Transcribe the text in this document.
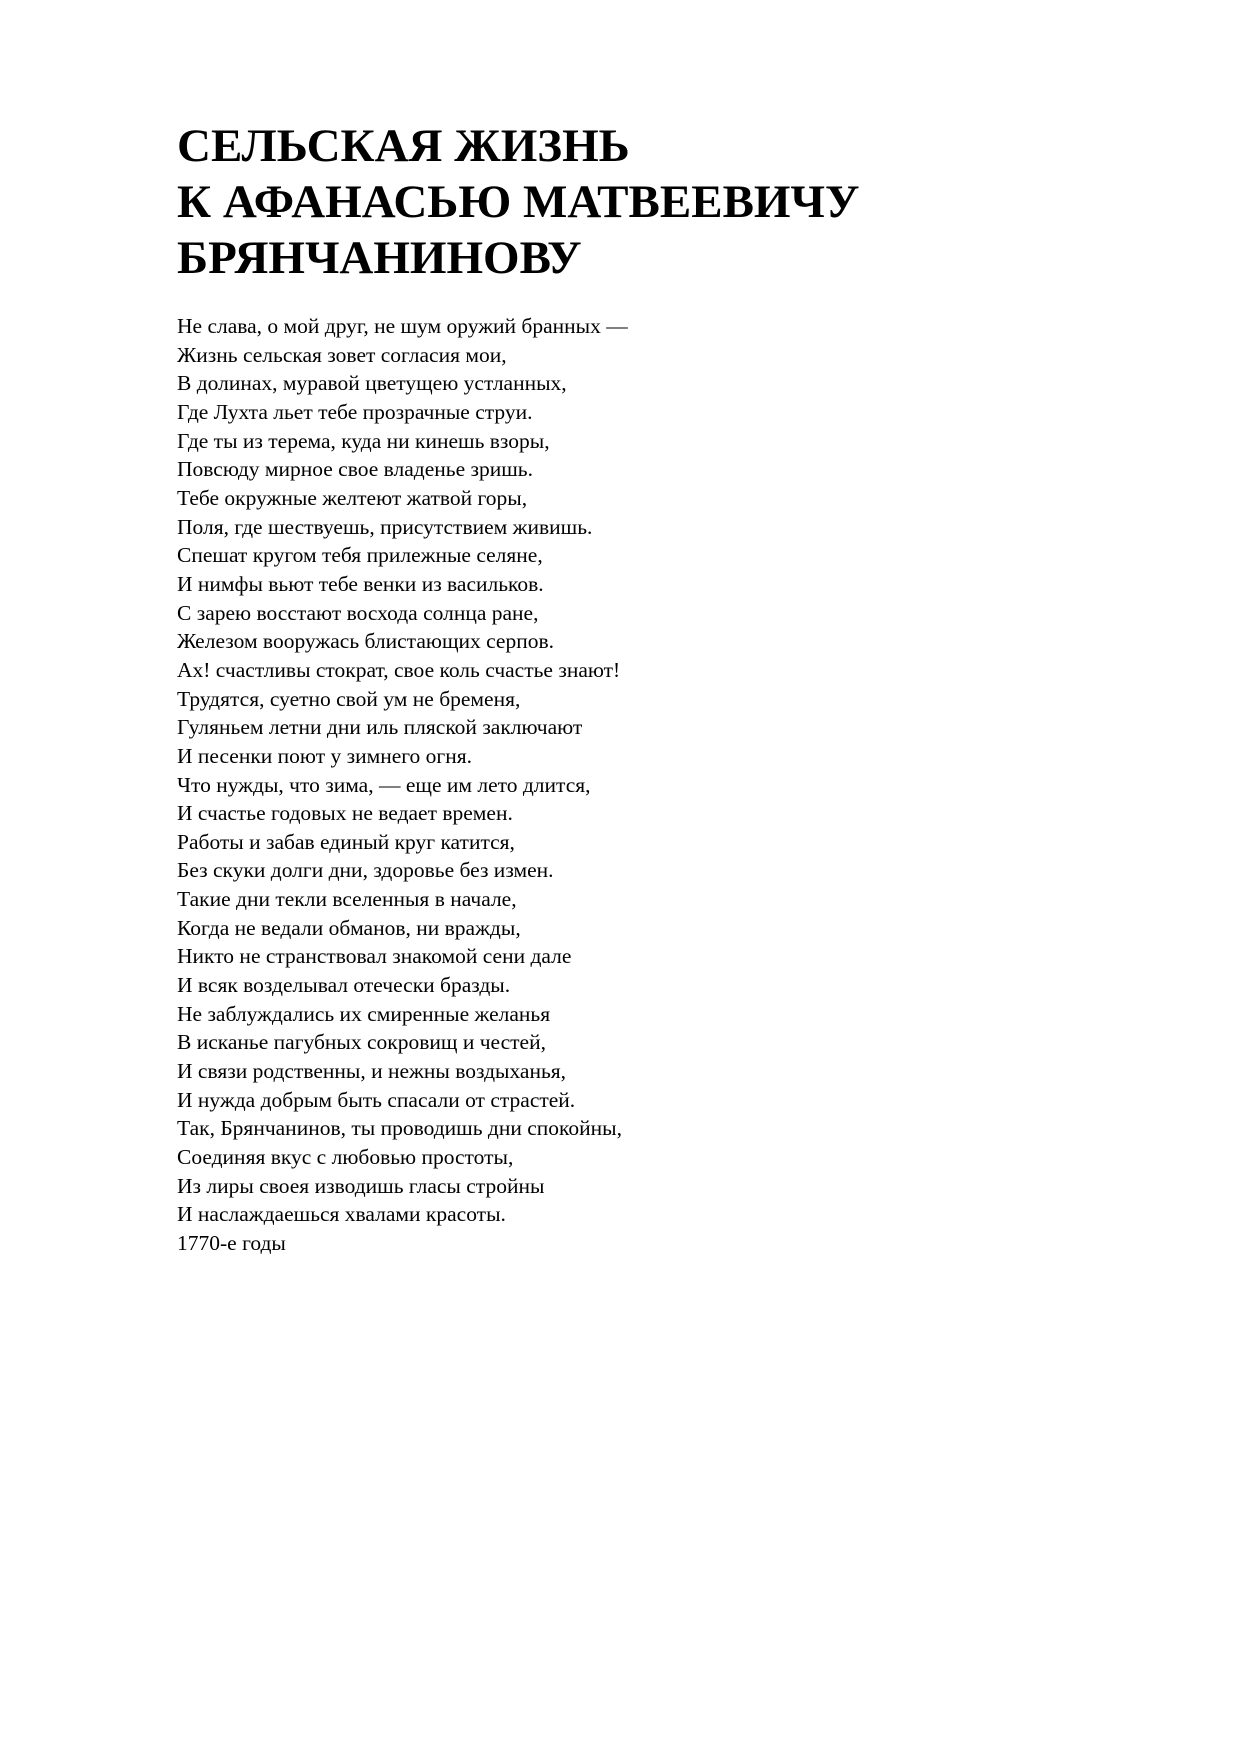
СЕЛЬСКАЯ ЖИЗНЬ
К АФАНАСЬЮ МАТВЕЕВИЧУ
БРЯНЧАНИНОВУ
Не слава, о мой друг, не шум оружий бранных —
Жизнь сельская зовет согласия мои,
В долинах, муравой цветущею устланных,
Где Лухта льет тебе прозрачные струи.
Где ты из терема, куда ни кинешь взоры,
Повсюду мирное свое владенье зришь.
Тебе окружные желтеют жатвой горы,
Поля, где шествуешь, присутствием живишь.
Спешат кругом тебя прилежные селяне,
И нимфы вьют тебе венки из васильков.
С зарею восстают восхода солнца ране,
Железом вооружась блистающих серпов.
Ах! счастливы стократ, свое коль счастье знают!
Трудятся, суетно свой ум не бременя,
Гуляньем летни дни иль пляской заключают
И песенки поют у зимнего огня.
Что нужды, что зима, — еще им лето длится,
И счастье годовых не ведает времен.
Работы и забав единый круг катится,
Без скуки долги дни, здоровье без измен.
Такие дни текли вселенныя в начале,
Когда не ведали обманов, ни вражды,
Никто не странствовал знакомой сени дале
И всяк возделывал отечески бразды.
Не заблуждались их смиренные желанья
В исканье пагубных сокровищ и честей,
И связи родственны, и нежны воздыханья,
И нужда добрым быть спасали от страстей.
Так, Брянчанинов, ты проводишь дни спокойны,
Соединяя вкус с любовью простоты,
Из лиры своея изводишь гласы стройны
И наслаждаешься хвалами красоты.
1770-е годы
